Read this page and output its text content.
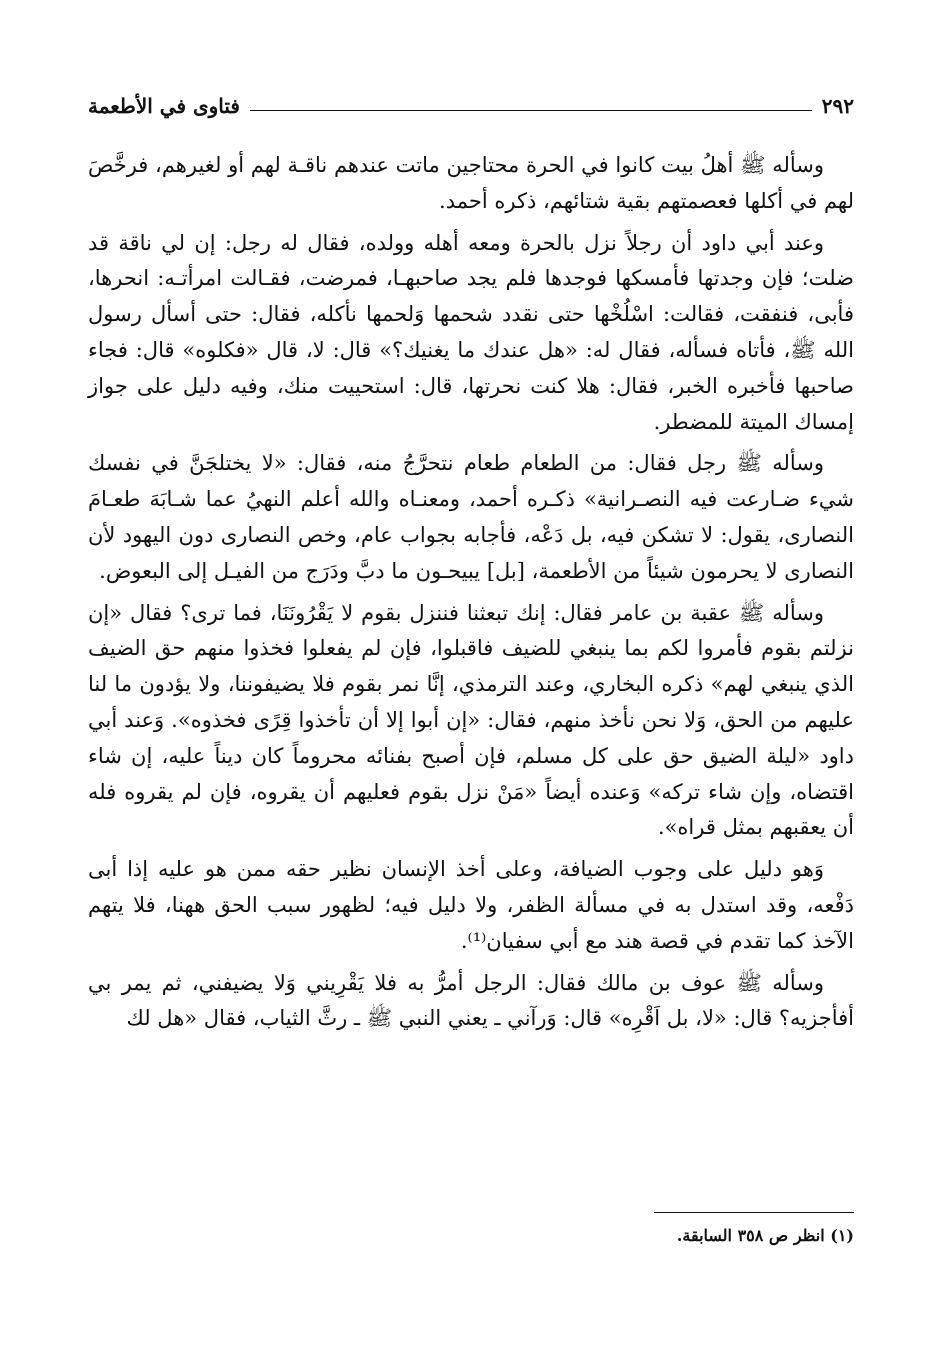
٢٩٢
فتاوى في الأطعمة

وسأله ﷺ أهلُ بيت كانوا في الحرة محتاجين ماتت عندهم ناقـة لهم أو لغيرهم، فرخَّصَ لهم في أكلها فعصمتهم بقية شتائهم، ذكره أحمد.

وعند أبي داود أن رجلاً نزل بالحرة ومعه أهله وولده، فقال له رجل: إن لي ناقة قد ضلت؛ فإن وجدتها فأمسكها فوجدها فلم يجد صاحبهـا، فمرضت، فقـالت امرأتـه: انحرها، فأبى، فنفقت، فقالت: اسْلُخْها حتى نقدد شحمها وَلحمها نأكله، فقال: حتى أسأل رسول الله ﷺ، فأتاه فسأله، فقال له: «هل عندك ما يغنيك؟» قال: لا، قال «فكلوه» قال: فجاء صاحبها فأخبره الخبر، فقال: هلا كنت نحرتها، قال: استحييت منك، وفيه دليل على جواز إمساك الميتة للمضطر.

وسأله ﷺ رجل فقال: من الطعام طعام نتحرَّجُ منه، فقال: «لا يختلجَنَّ في نفسك شيء ضـارعت فيه النصـرانية» ذكـره أحمد، ومعنـاه والله أعلم النهيُ عما شـابَهَ طعـامَ النصارى، يقول: لا تشكن فيه، بل دَعْه، فأجابه بجواب عام، وخص النصارى دون اليهود لأن النصارى لا يحرمون شيئاً من الأطعمة، [بل] يبيحـون ما دبَّ ودَرَج من الفيـل إلى البعوض.

وسأله ﷺ عقبة بن عامر فقال: إنك تبعثنا فننزل بقوم لا يَقْرُونَنَا، فما ترى؟ فقال «إن نزلتم بقوم فأمروا لكم بما ينبغي للضيف فاقبلوا، فإن لم يفعلوا فخذوا منهم حق الضيف الذي ينبغي لهم» ذكره البخاري، وعند الترمذي، إنَّا نمر بقوم فلا يضيفوننا، ولا يؤدون ما لنا عليهم من الحق، وَلا نحن نأخذ منهم، فقال: «إن أبوا إلا أن تأخذوا قِرًى فخذوه». وَعند أبي داود «ليلة الضيق حق على كل مسلم، فإن أصبح بفنائه محروماً كان ديناً عليه، إن شاء اقتضاه، وإن شاء تركه» وَعنده أيضاً «مَنْ نزل بقوم فعليهم أن يقروه، فإن لم يقروه فله أن يعقبهم بمثل قراه».

وَهو دليل على وجوب الضيافة، وعلى أخذ الإنسان نظير حقه ممن هو عليه إذا أبى دَفْعه، وقد استدل به في مسألة الظفر، ولا دليل فيه؛ لظهور سبب الحق ههنا، فلا يتهم الآخذ كما تقدم في قصة هند مع أبي سفيان⁽¹⁾.

وسأله ﷺ عوف بن مالك فقال: الرجل أمرُّ به فلا يَقْرِيني وَلا يضيفني، ثم يمر بي أفأجزيه؟ قال: «لا، بل اَقْرِه» قال: وَرآني ـ يعني النبي ﷺ ـ رثَّ الثياب، فقال «هل لك

(١) انظر ص ٣٥٨ السابقة.
